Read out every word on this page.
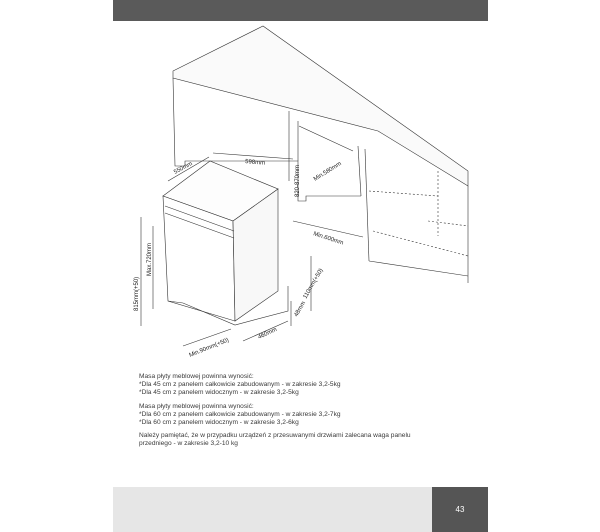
550mm	598mm
820-870mm Min.580mm
Min.600mm
815mm(+50)
Max.720mm
110mm(+50)
48mm
460mm
Min.90mm(+50)

Masa płyty meblowej powinna wynosić:
*Dla 45 cm z panelem całkowicie zabudowanym - w zakresie 3,2-5kg
*Dla 45 cm z panelem widocznym - w zakresie 3,2-5kg

Masa płyty meblowej powinna wynosić:
*Dla 60 cm z panelem całkowicie zabudowanym - w zakresie 3,2-7kg
*Dla 60 cm z panelem widocznym - w zakresie 3,2-6kg

Należy pamiętać, że w przypadku urządzeń z przesuwanymi drzwiami zalecana waga panelu
przedniego - w zakresie 3,2-10 kg

43
